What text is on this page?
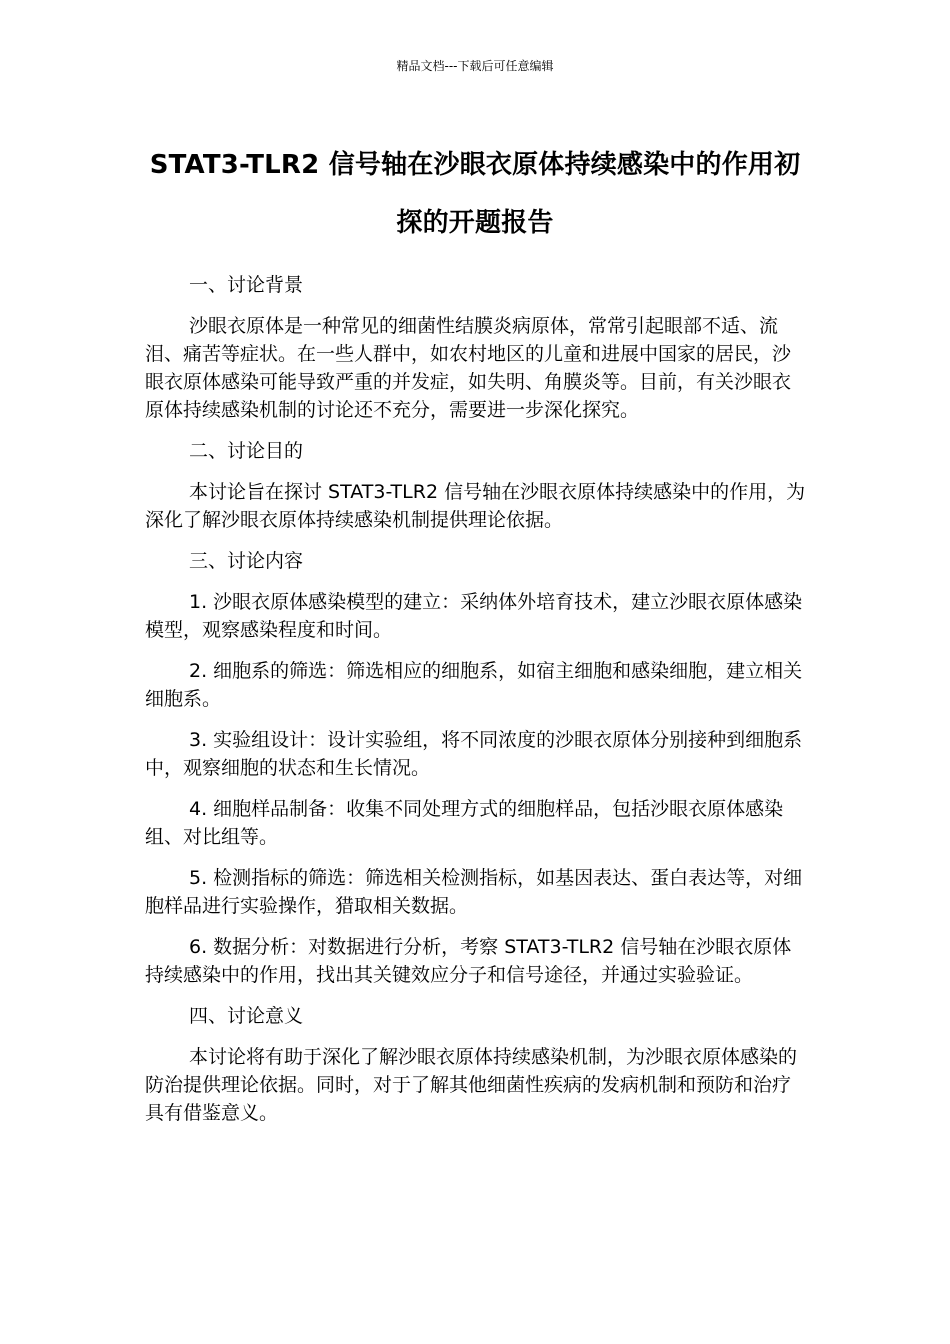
精品文档---下载后可任意编辑
STAT3-TLR2 信号轴在沙眼衣原体持续感染中的作用初探的开题报告

一、讨论背景

沙眼衣原体是一种常见的细菌性结膜炎病原体，常常引起眼部不适、流泪、痛苦等症状。在一些人群中，如农村地区的儿童和进展中国家的居民，沙眼衣原体感染可能导致严重的并发症，如失明、角膜炎等。目前，有关沙眼衣原体持续感染机制的讨论还不充分，需要进一步深化探究。

二、讨论目的

本讨论旨在探讨 STAT3-TLR2 信号轴在沙眼衣原体持续感染中的作用，为深化了解沙眼衣原体持续感染机制提供理论依据。

三、讨论内容

1. 沙眼衣原体感染模型的建立：采纳体外培育技术，建立沙眼衣原体感染模型，观察感染程度和时间。

2. 细胞系的筛选：筛选相应的细胞系，如宿主细胞和感染细胞，建立相关细胞系。

3. 实验组设计：设计实验组，将不同浓度的沙眼衣原体分别接种到细胞系中，观察细胞的状态和生长情况。

4. 细胞样品制备：收集不同处理方式的细胞样品，包括沙眼衣原体感染组、对比组等。

5. 检测指标的筛选：筛选相关检测指标，如基因表达、蛋白表达等，对细胞样品进行实验操作，猎取相关数据。

6. 数据分析：对数据进行分析，考察 STAT3-TLR2 信号轴在沙眼衣原体持续感染中的作用，找出其关键效应分子和信号途径，并通过实验验证。

四、讨论意义

本讨论将有助于深化了解沙眼衣原体持续感染机制，为沙眼衣原体感染的防治提供理论依据。同时，对于了解其他细菌性疾病的发病机制和预防和治疗具有借鉴意义。
